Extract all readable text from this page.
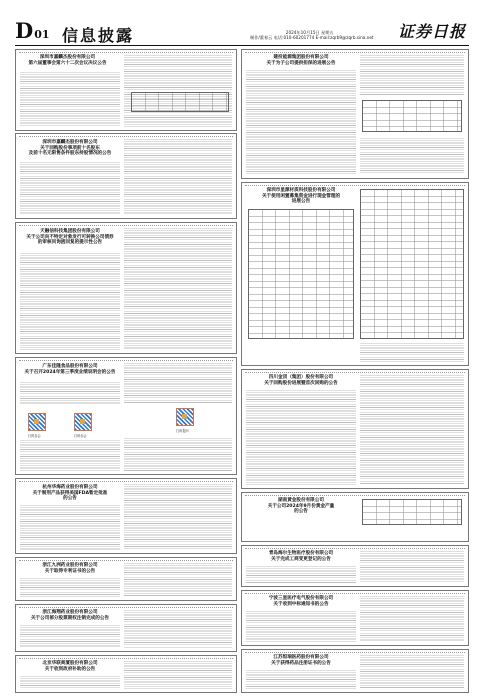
D01 信息披露	2024年10月15日 星期五
制作/董春云 电话:010-60201774 E-mail:zqrb9@zqrb.sina.net 证券日报
深圳市嘉麟杰股份有限公司
第六届董事会第六十二次会议决议公告
深圳市嘉麟杰股份有限公司
关于回购股份事项前十名股东
及前十名无限售条件股东持股情况的公告
天融信科技集团股份有限公司
关于公司向不特定对象发行可转换公司债券
的审核问询函回复的提示性公告
广东佳隆食品股份有限公司
关于召开2024年第三季度业绩说明会的公告
扫码参会	扫码参会
扫码提问
杭州华海药业股份有限公司
关于制剂产品获得美国FDA暂定批准
的公告
浙江九洲药业股份有限公司
关于取得专利证书的公告
浙江海翔药业股份有限公司
关于公司部分股票期权注销完成的公告
北京华联商厦股份有限公司
关于收到政府补助的公告
建投能源集团股份有限公司
关于为子公司提供担保的进展公告
深圳市星源材质科技股份有限公司
关于使用闲置募集资金进行现金管理的
进展公告
四川金顶（集团）股份有限公司
关于回购股份进展暨首次回购的公告
湖南黄金股份有限公司
关于公司2024年9月份黄金产量
的公告
青岛海尔生物医疗股份有限公司
关于完成工商变更登记的公告
宁波三星医疗电气股份有限公司
关于收到中标通知书的公告
江苏恒瑞医药股份有限公司
关于获得药品注册证书的公告
